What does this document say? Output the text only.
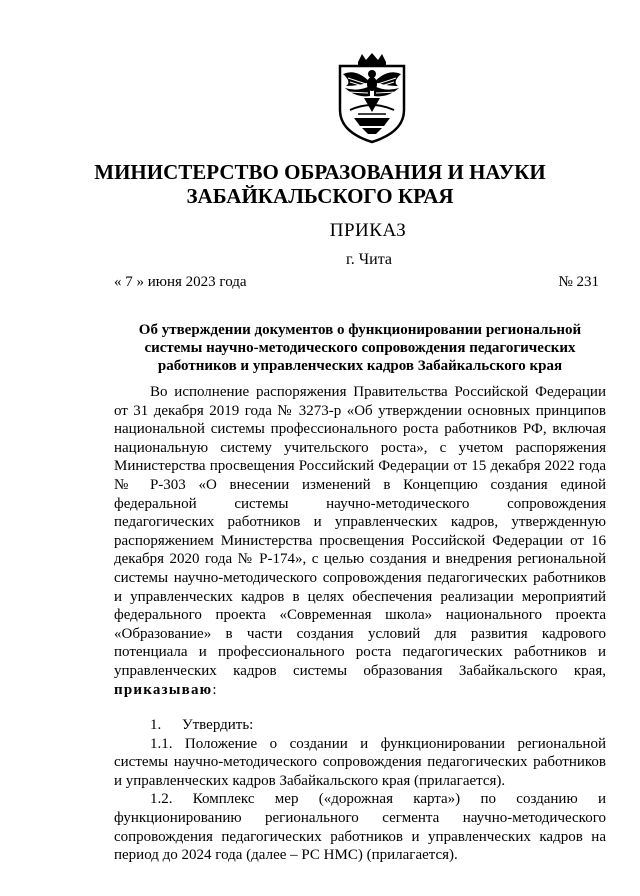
МИНИСТЕРСТВО ОБРАЗОВАНИЯ И НАУКИ
ЗАБАЙКАЛЬСКОГО КРАЯ
ПРИКАЗ
г. Чита
« 7 » июня 2023 года	№ 231
Об утверждении документов о функционировании региональной системы научно-методического сопровождения педагогических работников и управленческих кадров Забайкальского края

Во исполнение распоряжения Правительства Российской Федерации от 31 декабря 2019 года № 3273-р «Об утверждении основных принципов национальной системы профессионального роста работников РФ, включая национальную систему учительского роста», с учетом распоряжения Министерства просвещения Российский Федерации от 15 декабря 2022 года № Р-303 «О внесении изменений в Концепцию создания единой федеральной системы научно-методического сопровождения педагогических работников и управленческих кадров, утвержденную распоряжением Министерства просвещения Российской Федерации от 16 декабря 2020 года № Р-174», с целью создания и внедрения региональной системы научно-методического сопровождения педагогических работников и управленческих кадров в целях обеспечения реализации мероприятий федерального проекта «Современная школа» национального проекта «Образование» в части создания условий для развития кадрового потенциала и профессионального роста педагогических работников и управленческих кадров системы образования Забайкальского края, приказываю:

1. Утвердить:

1.1. Положение о создании и функционировании региональной системы научно-методического сопровождения педагогических работников и управленческих кадров Забайкальского края (прилагается).

1.2. Комплекс мер («дорожная карта») по созданию и функционированию регионального сегмента научно-методического сопровождения педагогических работников и управленческих кадров на период до 2024 года (далее – РС НМС) (прилагается).
